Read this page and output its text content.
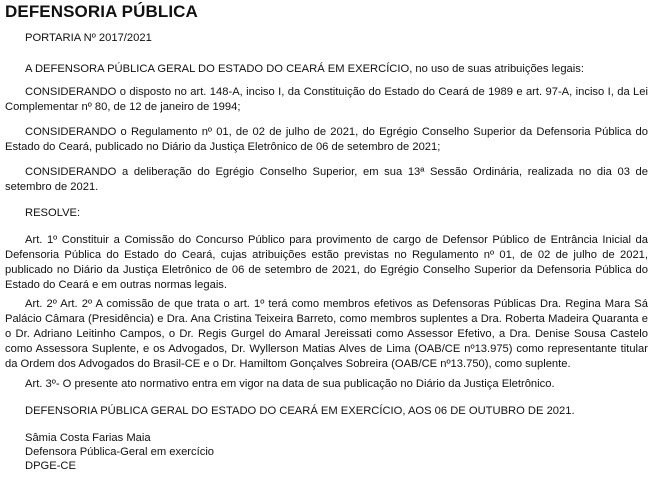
DEFENSORIA PÚBLICA
PORTARIA Nº 2017/2021
A DEFENSORA PÚBLICA GERAL DO ESTADO DO CEARÁ EM EXERCÍCIO, no uso de suas atribuições legais:

CONSIDERANDO o disposto no art. 148-A, inciso I, da Constituição do Estado do Ceará de 1989 e art. 97-A, inciso I, da Lei Complementar nº 80, de 12 de janeiro de 1994;

CONSIDERANDO o Regulamento nº 01, de 02 de julho de 2021, do Egrégio Conselho Superior da Defensoria Pública do Estado do Ceará, publicado no Diário da Justiça Eletrônico de 06 de setembro de 2021;

CONSIDERANDO a deliberação do Egrégio Conselho Superior, em sua 13ª Sessão Ordinária, realizada no dia 03 de setembro de 2021.

RESOLVE:

Art. 1º Constituir a Comissão do Concurso Público para provimento de cargo de Defensor Público de Entrância Inicial da Defensoria Pública do Estado do Ceará, cujas atribuições estão previstas no Regulamento nº 01, de 02 de julho de 2021, publicado no Diário da Justiça Eletrônico de 06 de setembro de 2021, do Egrégio Conselho Superior da Defensoria Pública do Estado do Ceará e em outras normas legais.

Art. 2º Art. 2º A comissão de que trata o art. 1º terá como membros efetivos as Defensoras Públicas Dra. Regina Mara Sá Palácio Câmara (Presidência) e Dra. Ana Cristina Teixeira Barreto, como membros suplentes a Dra. Roberta Madeira Quaranta e o Dr. Adriano Leitinho Campos, o Dr. Regis Gurgel do Amaral Jereissati como Assessor Efetivo, a Dra. Denise Sousa Castelo como Assessora Suplente, e os Advogados, Dr. Wyllerson Matias Alves de Lima (OAB/CE nº13.975) como representante titular da Ordem dos Advogados do Brasil-CE e o Dr. Hamiltom Gonçalves Sobreira (OAB/CE nº13.750), como suplente.

Art. 3º- O presente ato normativo entra em vigor na data de sua publicação no Diário da Justiça Eletrônico.

DEFENSORIA PÚBLICA GERAL DO ESTADO DO CEARÁ EM EXERCÍCIO, AOS 06 DE OUTUBRO DE 2021.
Sâmia Costa Farias Maia
Defensora Pública-Geral em exercício
DPGE-CE
